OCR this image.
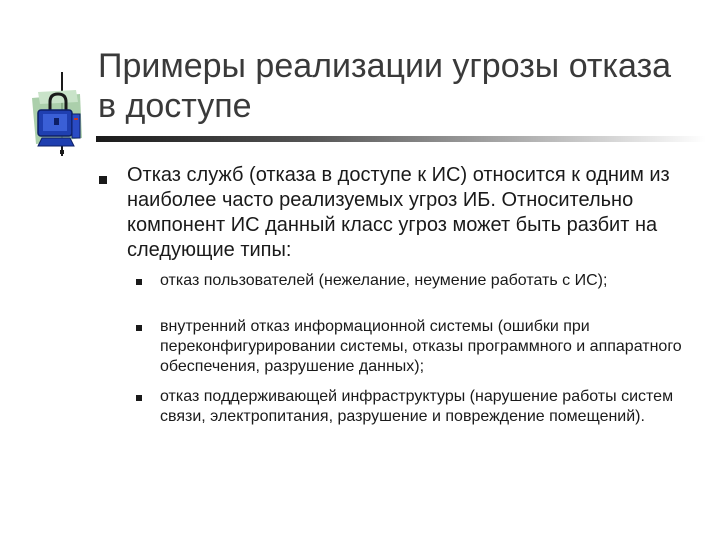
Примеры реализации угрозы отказа
в доступе
Отказ служб (отказа в доступе к ИС) относится к одним из наиболее часто реализуемых угроз ИБ. Относительно компонент ИС данный класс угроз может быть разбит на следующие типы:
отказ пользователей (нежелание, неумение работать с ИС);
внутренний отказ информационной системы (ошибки при переконфигурировании системы, отказы программного и аппаратного обеспечения, разрушение данных);
отказ поддерживающей инфраструктуры (нарушение работы систем связи, электропитания, разрушение и повреждение помещений).
